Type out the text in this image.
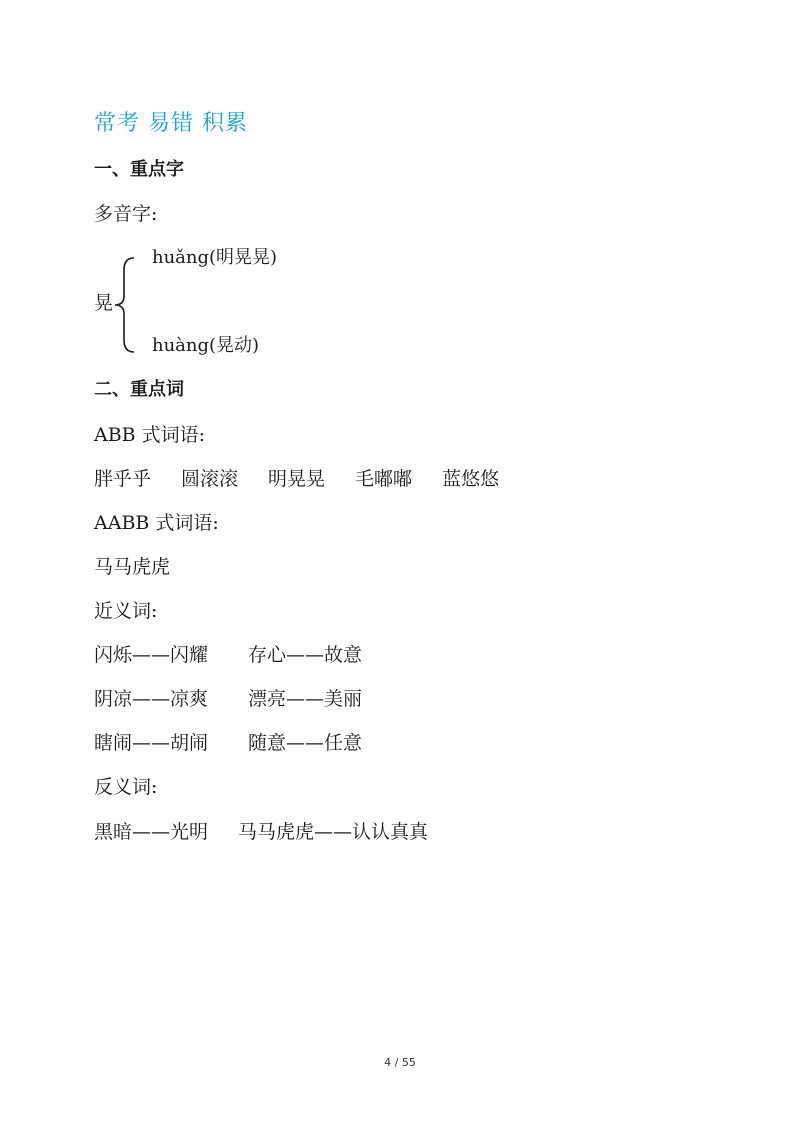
常考 易错 积累
一、重点字
多音字:
晃
huǎng(明晃晃)
huàng(晃动)
二、重点词
ABB 式词语:
胖乎乎 圆滚滚 明晃晃 毛嘟嘟 蓝悠悠
AABB 式词语:
马马虎虎
近义词:
闪烁——闪耀 存心——故意
阴凉——凉爽 漂亮——美丽
瞎闹——胡闹 随意——任意
反义词:
黑暗——光明 马马虎虎——认认真真
4 / 55
